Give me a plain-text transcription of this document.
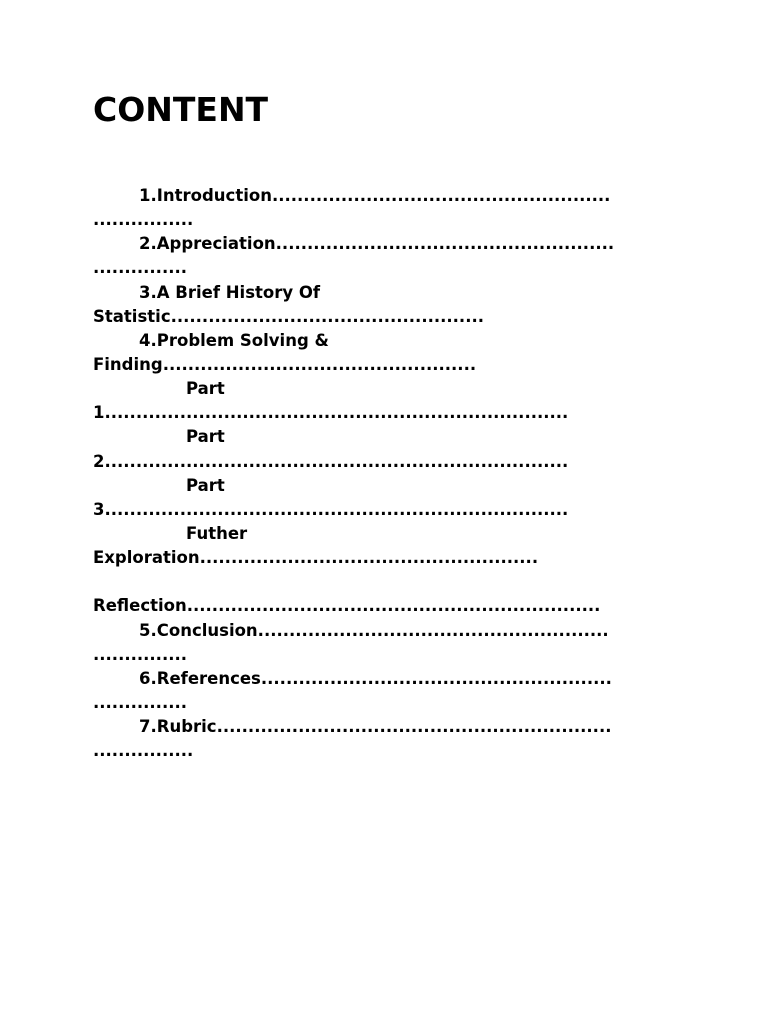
CONTENT
1.Introduction......................................................
................
2.Appreciation......................................................
...............
3.A Brief History Of
Statistic..................................................
4.Problem Solving &
Finding..................................................
Part
1..........................................................................
Part
2..........................................................................
Part
3..........................................................................
Futher
Exploration......................................................
Reflection..................................................................
5.Conclusion........................................................
...............
6.References........................................................
...............
7.Rubric...............................................................
................
